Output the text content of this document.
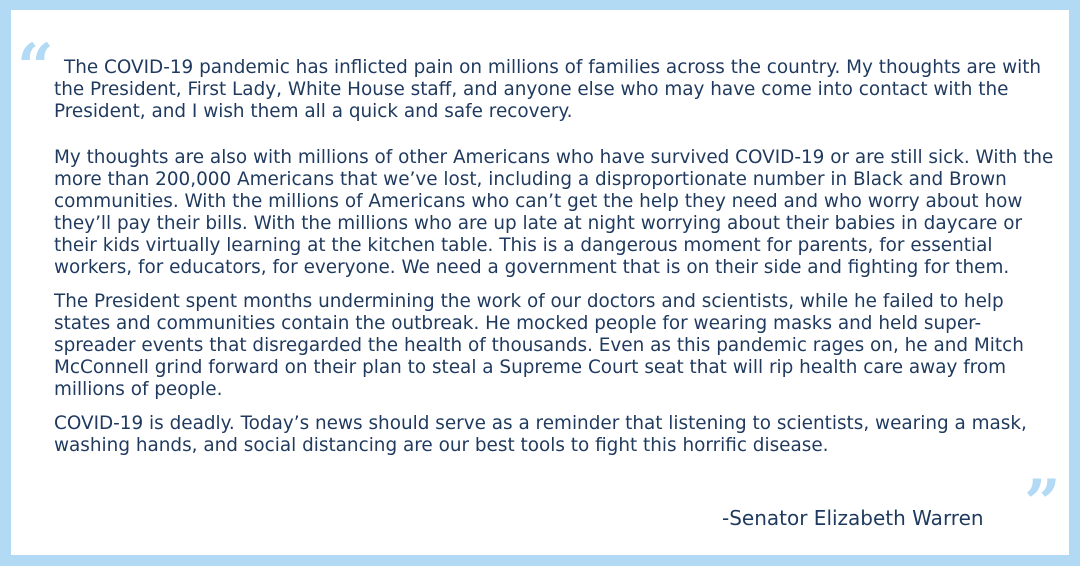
“ The COVID-19 pandemic has inflicted pain on millions of families across the country. My thoughts are with the President, First Lady, White House staff, and anyone else who may have come into contact with the President, and I wish them all a quick and safe recovery.

My thoughts are also with millions of other Americans who have survived COVID-19 or are still sick. With the more than 200,000 Americans that we’ve lost, including a disproportionate number in Black and Brown communities. With the millions of Americans who can’t get the help they need and who worry about how they’ll pay their bills. With the millions who are up late at night worrying about their babies in daycare or their kids virtually learning at the kitchen table. This is a dangerous moment for parents, for essential workers, for educators, for everyone. We need a government that is on their side and fighting for them.

The President spent months undermining the work of our doctors and scientists, while he failed to help states and communities contain the outbreak. He mocked people for wearing masks and held super-spreader events that disregarded the health of thousands. Even as this pandemic rages on, he and Mitch McConnell grind forward on their plan to steal a Supreme Court seat that will rip health care away from millions of people.

COVID-19 is deadly. Today’s news should serve as a reminder that listening to scientists, wearing a mask, washing hands, and social distancing are our best tools to fight this horrific disease.

”
-Senator Elizabeth Warren
